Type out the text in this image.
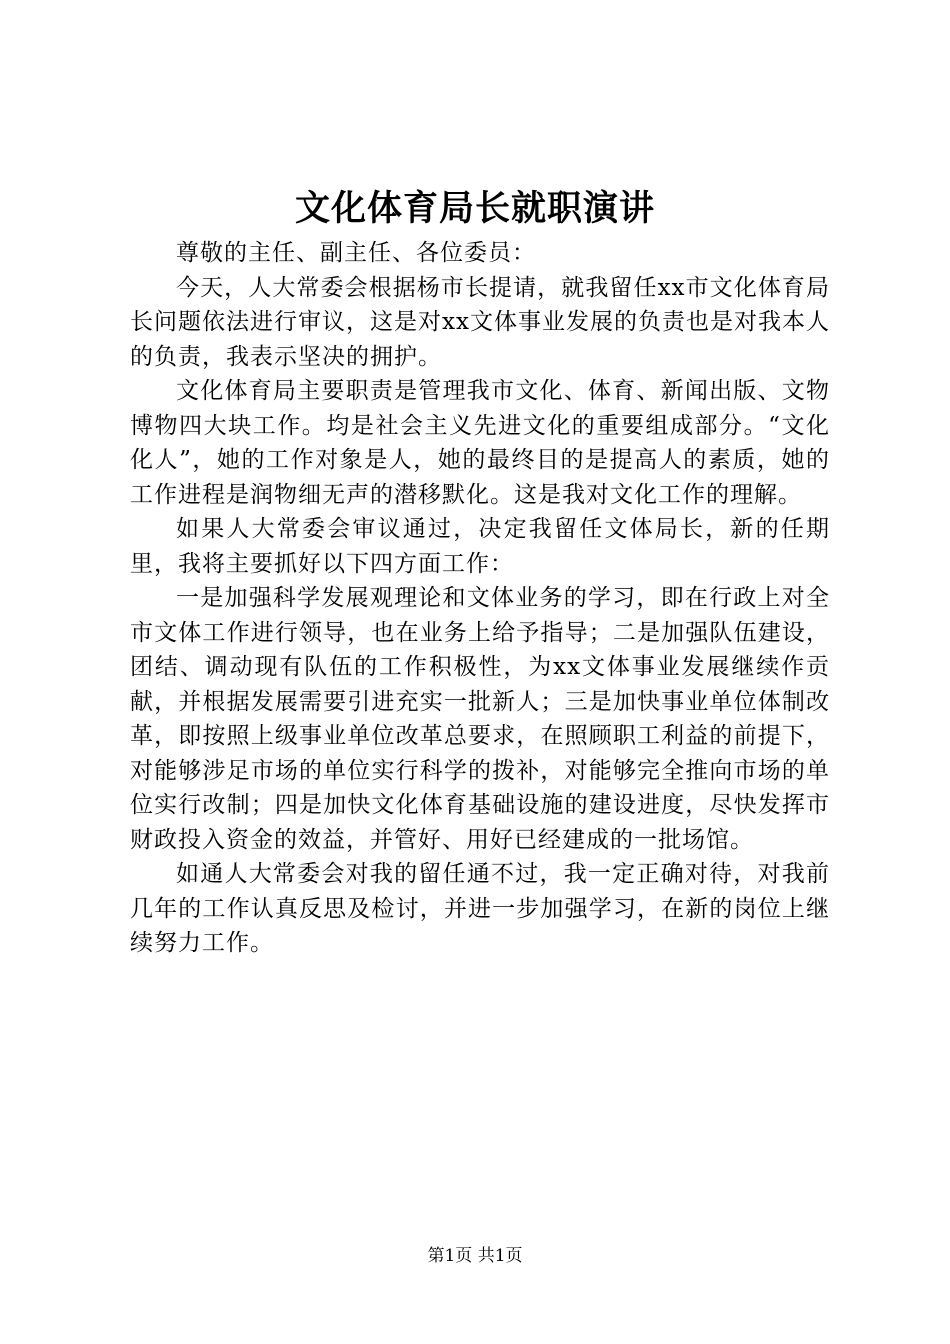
文化体育局长就职演讲

尊敬的主任、副主任、各位委员：

今天，人大常委会根据杨市长提请，就我留任xx市文化体育局长问题依法进行审议，这是对xx文体事业发展的负责也是对我本人的负责，我表示坚决的拥护。

文化体育局主要职责是管理我市文化、体育、新闻出版、文物博物四大块工作。均是社会主义先进文化的重要组成部分。“文化化人”，她的工作对象是人，她的最终目的是提高人的素质，她的工作进程是润物细无声的潜移默化。这是我对文化工作的理解。

如果人大常委会审议通过，决定我留任文体局长，新的任期里，我将主要抓好以下四方面工作：

一是加强科学发展观理论和文体业务的学习，即在行政上对全市文体工作进行领导，也在业务上给予指导；二是加强队伍建设，团结、调动现有队伍的工作积极性，为xx文体事业发展继续作贡献，并根据发展需要引进充实一批新人；三是加快事业单位体制改革，即按照上级事业单位改革总要求，在照顾职工利益的前提下，对能够涉足市场的单位实行科学的拨补，对能够完全推向市场的单位实行改制；四是加快文化体育基础设施的建设进度，尽快发挥市财政投入资金的效益，并管好、用好已经建成的一批场馆。

如通人大常委会对我的留任通不过，我一定正确对待，对我前几年的工作认真反思及检讨，并进一步加强学习，在新的岗位上继续努力工作。

第1页 共1页
